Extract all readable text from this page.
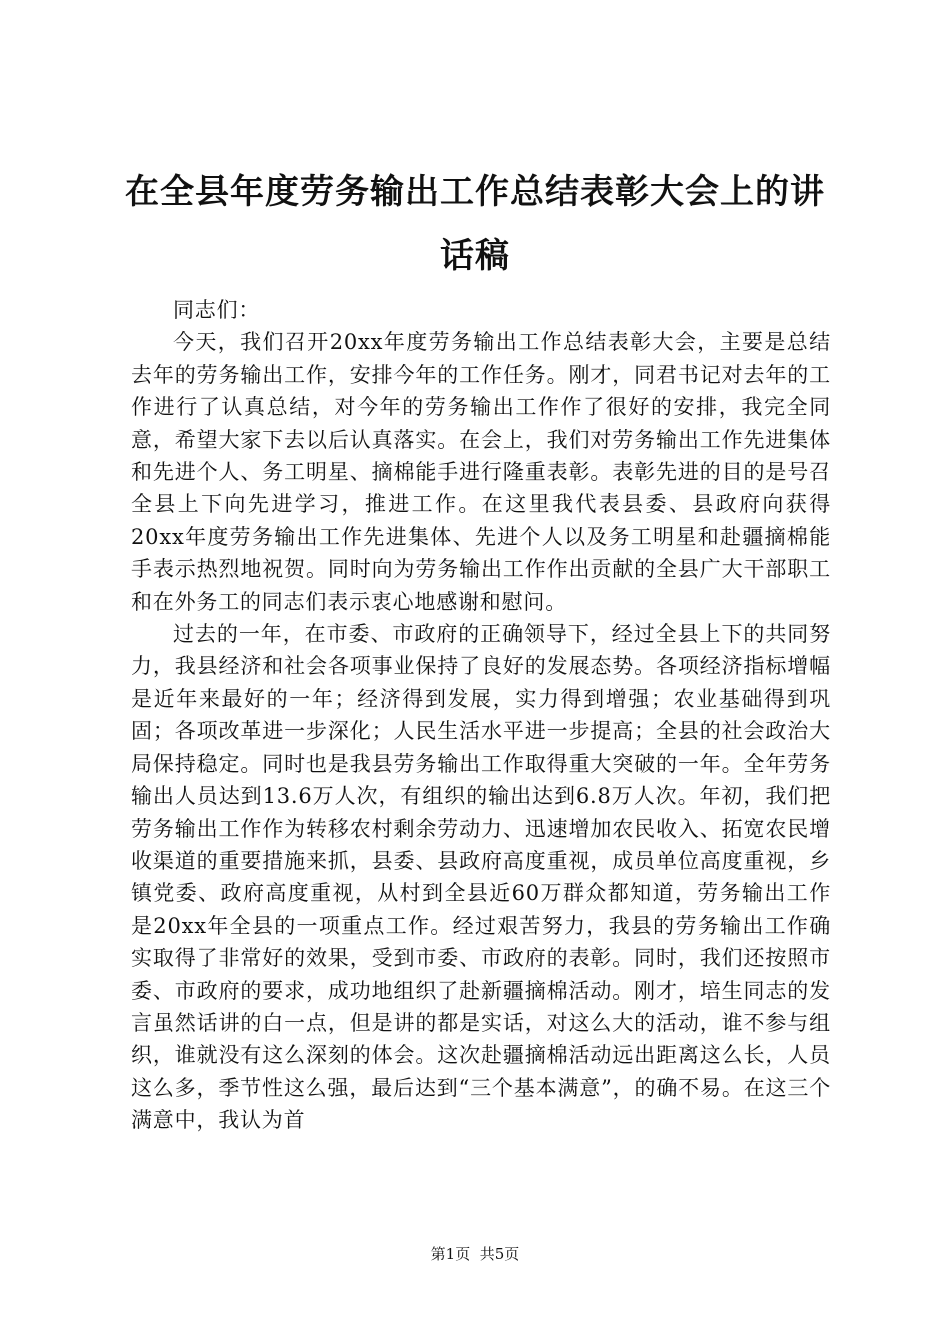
在全县年度劳务输出工作总结表彰大会上的讲话稿

同志们：

今天，我们召开20xx年度劳务输出工作总结表彰大会，主要是总结去年的劳务输出工作，安排今年的工作任务。刚才，同君书记对去年的工作进行了认真总结，对今年的劳务输出工作作了很好的安排，我完全同意，希望大家下去以后认真落实。在会上，我们对劳务输出工作先进集体和先进个人、务工明星、摘棉能手进行隆重表彰。表彰先进的目的是号召全县上下向先进学习，推进工作。在这里我代表县委、县政府向获得20xx年度劳务输出工作先进集体、先进个人以及务工明星和赴疆摘棉能手表示热烈地祝贺。同时向为劳务输出工作作出贡献的全县广大干部职工和在外务工的同志们表示衷心地感谢和慰问。

过去的一年，在市委、市政府的正确领导下，经过全县上下的共同努力，我县经济和社会各项事业保持了良好的发展态势。各项经济指标增幅是近年来最好的一年；经济得到发展，实力得到增强；农业基础得到巩固；各项改革进一步深化；人民生活水平进一步提高；全县的社会政治大局保持稳定。同时也是我县劳务输出工作取得重大突破的一年。全年劳务输出人员达到13.6万人次，有组织的输出达到6.8万人次。年初，我们把劳务输出工作作为转移农村剩余劳动力、迅速增加农民收入、拓宽农民增收渠道的重要措施来抓，县委、县政府高度重视，成员单位高度重视，乡镇党委、政府高度重视，从村到全县近60万群众都知道，劳务输出工作是20xx年全县的一项重点工作。经过艰苦努力，我县的劳务输出工作确实取得了非常好的效果，受到市委、市政府的表彰。同时，我们还按照市委、市政府的要求，成功地组织了赴新疆摘棉活动。刚才，培生同志的发言虽然话讲的白一点，但是讲的都是实话，对这么大的活动，谁不参与组织，谁就没有这么深刻的体会。这次赴疆摘棉活动远出距离这么长，人员这么多，季节性这么强，最后达到“三个基本满意”，的确不易。在这三个满意中，我认为首

第1页 共5页
